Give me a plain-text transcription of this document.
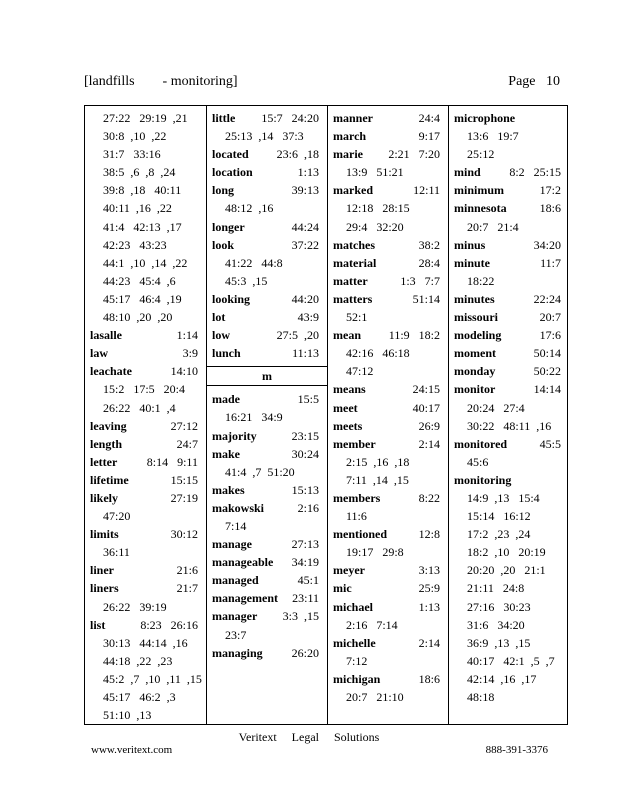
[landfills        - monitoring]	Page   10
27:22   29:19  ,21
30:8  ,10  ,22
31:7   33:16
38:5  ,6  ,8  ,24
39:8  ,18   40:11
40:11  ,16  ,22
41:4   42:13  ,17
42:23   43:23
44:1  ,10  ,14  ,22
44:23   45:4  ,6
45:17   46:4  ,19
48:10  ,20  ,20
lasalle	1:14
law	3:9
leachate	14:10
15:2   17:5   20:4
26:22   40:1  ,4
leaving	27:12
length	24:7
letter 8:14   9:11
lifetime	15:15
likely	27:19
47:20
limits	30:12
36:11
liner	21:6
liners	21:7
26:22   39:19
list	8:23   26:16
30:13   44:14  ,16
44:18  ,22  ,23
45:2  ,7  ,10  ,11  ,15
45:17   46:2  ,3
51:10  ,13
little 15:7   24:20
25:13  ,14   37:3
located 23:6  ,18
location	1:13
long	39:13
48:12  ,16
longer	44:24
look	37:22
41:22   44:8
45:3  ,15
looking	44:20
lot	43:9
low	27:5  ,20
lunch	11:13
m
made	15:5
16:21   34:9
majority	23:15
make	30:24
41:4  ,7  51:20
makes	15:13
makowski	2:16
7:14
manage	27:13
manageable 34:19
managed	45:1
management 23:11
manager 3:3  ,15
23:7
managing 26:20
manner	24:4
march	9:17
marie 2:21   7:20
13:9   51:21
marked	12:11
12:18   28:15
29:4   32:20
matches	38:2
material	28:4
matter	1:3   7:7
matters	51:14
52:1
mean 11:9   18:2
42:16   46:18
47:12
means	24:15
meet	40:17
meets	26:9
member	2:14
2:15  ,16  ,18
7:11  ,14  ,15
members	8:22
11:6
mentioned	12:8
19:17   29:8
meyer	3:13
mic	25:9
michael	1:13
2:16   7:14
michelle	2:14
7:12
michigan	18:6
20:7   21:10
microphone
13:6   19:7
25:12
mind 8:2   25:15
minimum	17:2
minnesota	18:6
20:7   21:4
minus	34:20
minute	11:7
18:22
minutes	22:24
missouri	20:7
modeling	17:6
moment	50:14
monday	50:22
monitor	14:14
20:24   27:4
30:22   48:11  ,16
monitored	45:5
45:6
monitoring
14:9  ,13   15:4
15:14   16:12
17:2  ,23  ,24
18:2  ,10   20:19
20:20  ,20   21:1
21:11   24:8
27:16   30:23
31:6   34:20
36:9  ,13  ,15
40:17   42:1  ,5  ,7
42:14  ,16  ,17
48:18
Veritext     Legal     Solutions
www.veritext.com	888-391-3376
